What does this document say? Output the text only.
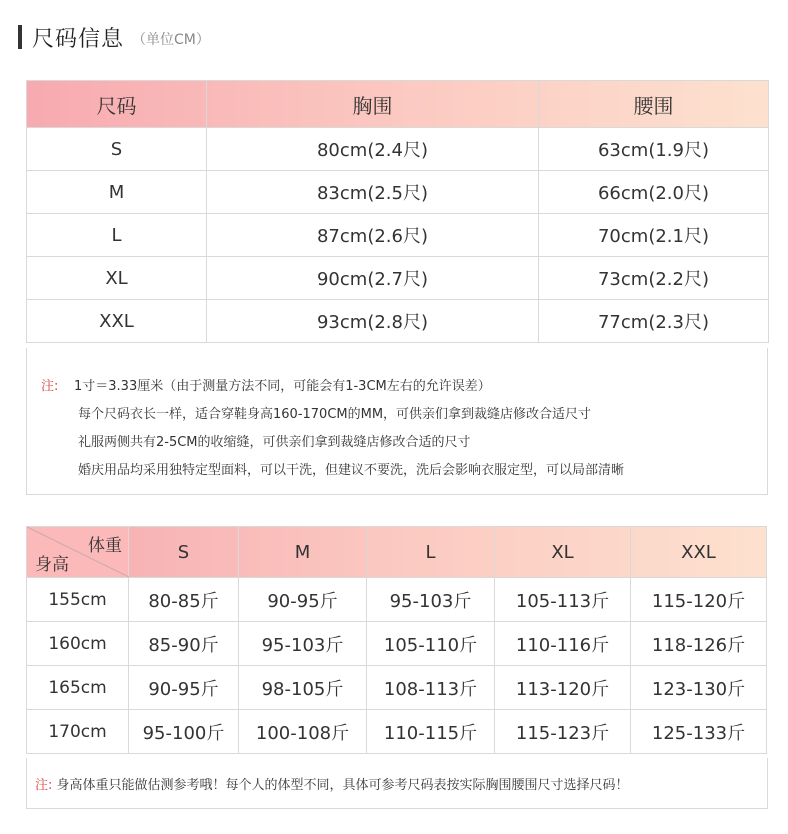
尺码信息 （单位CM）
尺码	胸围	腰围
S	80cm(2.4尺)	63cm(1.9尺)
M	83cm(2.5尺)	66cm(2.0尺)
L	87cm(2.6尺)	70cm(2.1尺)
XL	90cm(2.7尺)	73cm(2.2尺)
XXL	93cm(2.8尺)	77cm(2.3尺)
注: 1寸＝3.33厘米（由于测量方法不同，可能会有1-3CM左右的允许误差）
每个尺码衣长一样，适合穿鞋身高160-170CM的MM，可供亲们拿到裁缝店修改合适尺寸
礼服两侧共有2-5CM的收缩缝，可供亲们拿到裁缝店修改合适的尺寸
婚庆用品均采用独特定型面料，可以干洗，但建议不要洗，洗后会影响衣服定型，可以局部清晰
体重
身高	S	M	L	XL	XXL
155cm	80-85斤	90-95斤	95-103斤	105-113斤	115-120斤
160cm	85-90斤	95-103斤	105-110斤	110-116斤	118-126斤
165cm	90-95斤	98-105斤	108-113斤	113-120斤	123-130斤
170cm	95-100斤	100-108斤	110-115斤	115-123斤	125-133斤
注: 身高体重只能做估测参考哦！每个人的体型不同，具体可参考尺码表按实际胸围腰围尺寸选择尺码！
